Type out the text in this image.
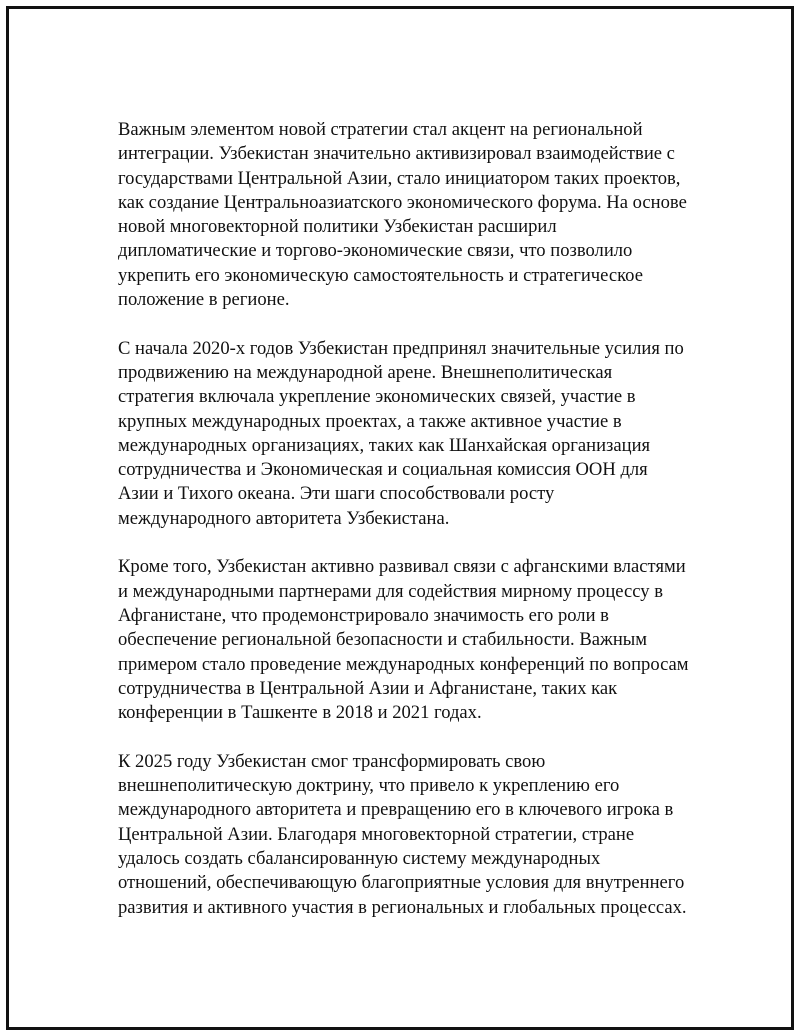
Важным элементом новой стратегии стал акцент на региональной
интеграции. Узбекистан значительно активизировал взаимодействие с
государствами Центральной Азии, стало инициатором таких проектов,
как создание Центральноазиатского экономического форума. На основе
новой многовекторной политики Узбекистан расширил
дипломатические и торгово-экономические связи, что позволило
укрепить его экономическую самостоятельность и стратегическое
положение в регионе.

С начала 2020-х годов Узбекистан предпринял значительные усилия по
продвижению на международной арене. Внешнеполитическая
стратегия включала укрепление экономических связей, участие в
крупных международных проектах, а также активное участие в
международных организациях, таких как Шанхайская организация
сотрудничества и Экономическая и социальная комиссия ООН для
Азии и Тихого океана. Эти шаги способствовали росту
международного авторитета Узбекистана.

Кроме того, Узбекистан активно развивал связи с афганскими властями
и международными партнерами для содействия мирному процессу в
Афганистане, что продемонстрировало значимость его роли в
обеспечение региональной безопасности и стабильности. Важным
примером стало проведение международных конференций по вопросам
сотрудничества в Центральной Азии и Афганистане, таких как
конференции в Ташкенте в 2018 и 2021 годах.

К 2025 году Узбекистан смог трансформировать свою
внешнеполитическую доктрину, что привело к укреплению его
международного авторитета и превращению его в ключевого игрока в
Центральной Азии. Благодаря многовекторной стратегии, стране
удалось создать сбалансированную систему международных
отношений, обеспечивающую благоприятные условия для внутреннего
развития и активного участия в региональных и глобальных процессах.
